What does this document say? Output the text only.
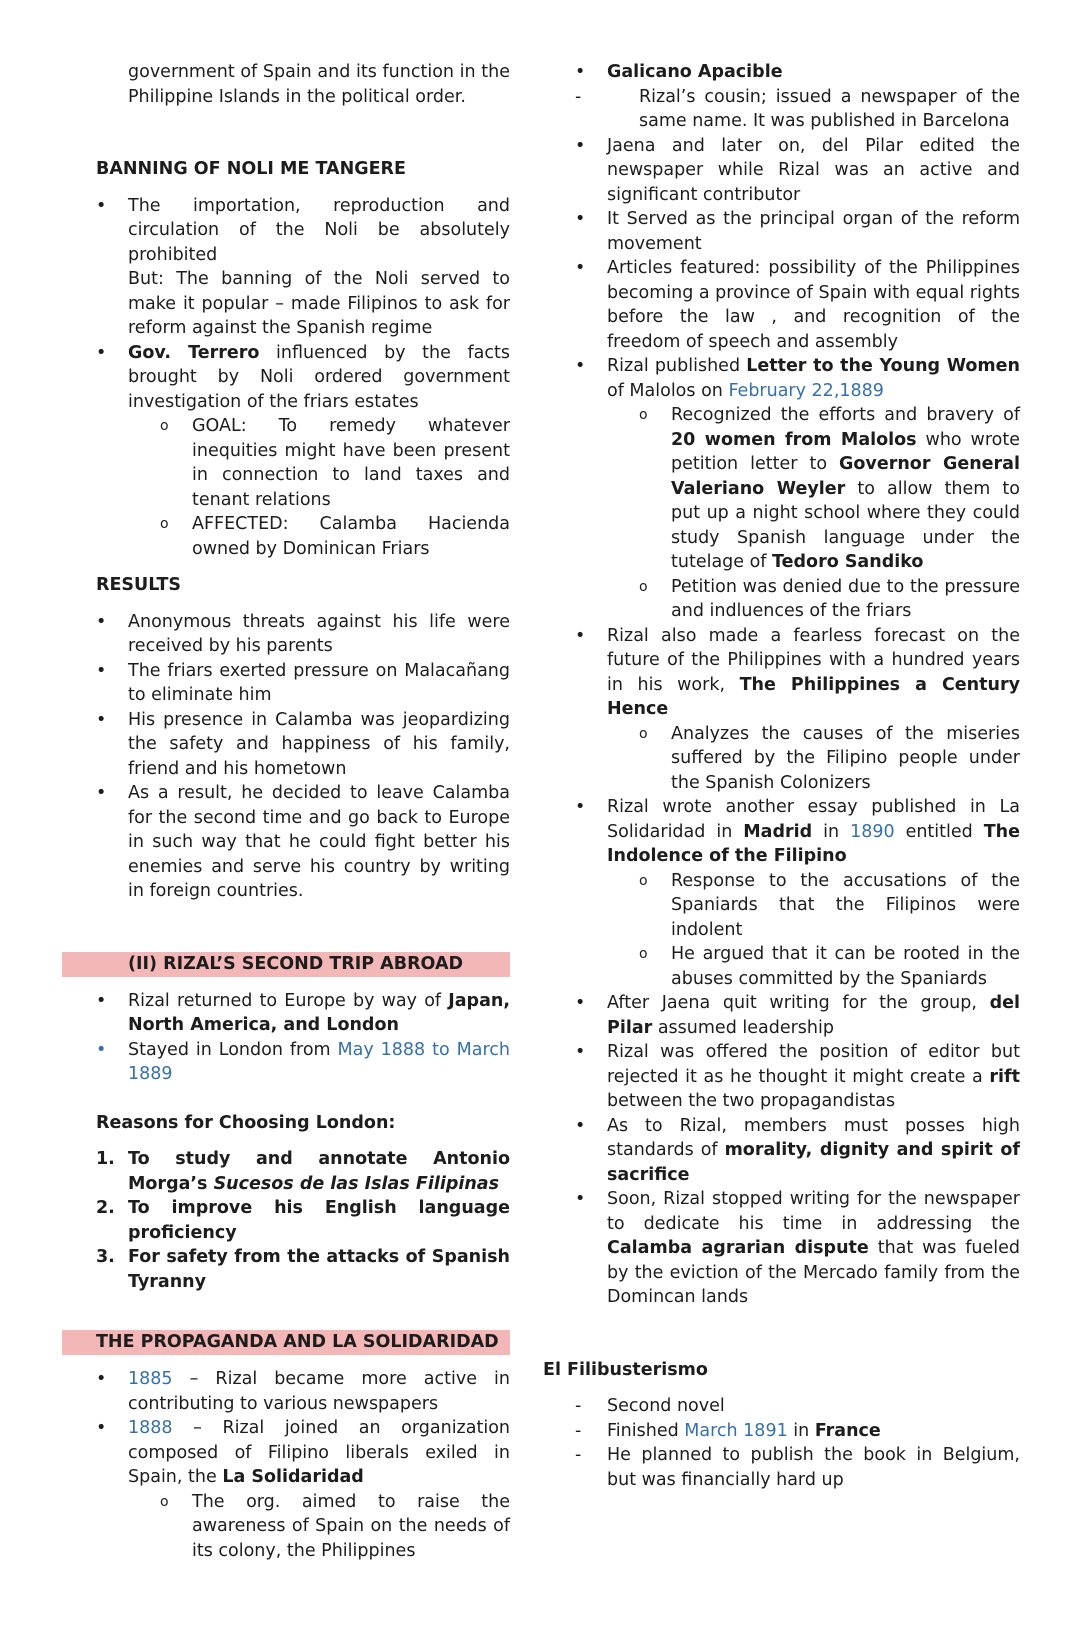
government of Spain and its function in the Philippine Islands in the political order.

BANNING OF NOLI ME TANGERE

• The importation, reproduction and circulation of the Noli be absolutely prohibited
But: The banning of the Noli served to make it popular – made Filipinos to ask for reform against the Spanish regime
• Gov. Terrero influenced by the facts brought by Noli ordered government investigation of the friars estates
o GOAL: To remedy whatever inequities might have been present in connection to land taxes and tenant relations
o AFFECTED: Calamba Hacienda owned by Dominican Friars

RESULTS

• Anonymous threats against his life were received by his parents
• The friars exerted pressure on Malacañang to eliminate him
• His presence in Calamba was jeopardizing the safety and happiness of his family, friend and his hometown
• As a result, he decided to leave Calamba for the second time and go back to Europe in such way that he could fight better his enemies and serve his country by writing in foreign countries.
(II) RIZAL’S SECOND TRIP ABROAD
• Rizal returned to Europe by way of Japan, North America, and London
• Stayed in London from May 1888 to March 1889

Reasons for Choosing London:

1. To study and annotate Antonio Morga’s Sucesos de las Islas Filipinas
2. To improve his English language proficiency
3. For safety from the attacks of Spanish Tyranny
THE PROPAGANDA AND LA SOLIDARIDAD
• 1885 – Rizal became more active in contributing to various newspapers
• 1888 – Rizal joined an organization composed of Filipino liberals exiled in Spain, the La Solidaridad
o The org. aimed to raise the awareness of Spain on the needs of its colony, the Philippines
• Galicano Apacible
- Rizal’s cousin; issued a newspaper of the same name. It was published in Barcelona
• Jaena and later on, del Pilar edited the newspaper while Rizal was an active and significant contributor
• It Served as the principal organ of the reform movement
• Articles featured: possibility of the Philippines becoming a province of Spain with equal rights before the law , and recognition of the freedom of speech and assembly
• Rizal published Letter to the Young Women of Malolos on February 22,1889
o Recognized the efforts and bravery of 20 women from Malolos who wrote petition letter to Governor General Valeriano Weyler to allow them to put up a night school where they could study Spanish language under the tutelage of Tedoro Sandiko
o Petition was denied due to the pressure and indluences of the friars
• Rizal also made a fearless forecast on the future of the Philippines with a hundred years in his work, The Philippines a Century Hence
o Analyzes the causes of the miseries suffered by the Filipino people under the Spanish Colonizers
• Rizal wrote another essay published in La Solidaridad in Madrid in 1890 entitled The Indolence of the Filipino
o Response to the accusations of the Spaniards that the Filipinos were indolent
o He argued that it can be rooted in the abuses committed by the Spaniards
• After Jaena quit writing for the group, del Pilar assumed leadership
• Rizal was offered the position of editor but rejected it as he thought it might create a rift between the two propagandistas
• As to Rizal, members must posses high standards of morality, dignity and spirit of sacrifice
• Soon, Rizal stopped writing for the newspaper to dedicate his time in addressing the Calamba agrarian dispute that was fueled by the eviction of the Mercado family from the Domincan lands

El Filibusterismo

- Second novel
- Finished March 1891 in France
- He planned to publish the book in Belgium, but was financially hard up
